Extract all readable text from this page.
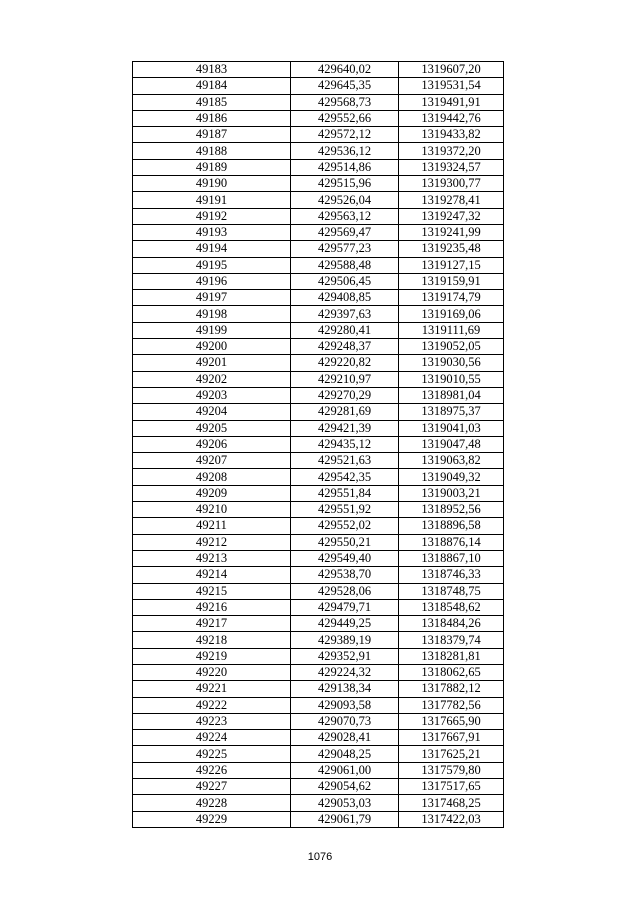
49183	429640,02	1319607,20
49184	429645,35	1319531,54
49185	429568,73	1319491,91
49186	429552,66	1319442,76
49187	429572,12	1319433,82
49188	429536,12	1319372,20
49189	429514,86	1319324,57
49190	429515,96	1319300,77
49191	429526,04	1319278,41
49192	429563,12	1319247,32
49193	429569,47	1319241,99
49194	429577,23	1319235,48
49195	429588,48	1319127,15
49196	429506,45	1319159,91
49197	429408,85	1319174,79
49198	429397,63	1319169,06
49199	429280,41	1319111,69
49200	429248,37	1319052,05
49201	429220,82	1319030,56
49202	429210,97	1319010,55
49203	429270,29	1318981,04
49204	429281,69	1318975,37
49205	429421,39	1319041,03
49206	429435,12	1319047,48
49207	429521,63	1319063,82
49208	429542,35	1319049,32
49209	429551,84	1319003,21
49210	429551,92	1318952,56
49211	429552,02	1318896,58
49212	429550,21	1318876,14
49213	429549,40	1318867,10
49214	429538,70	1318746,33
49215	429528,06	1318748,75
49216	429479,71	1318548,62
49217	429449,25	1318484,26
49218	429389,19	1318379,74
49219	429352,91	1318281,81
49220	429224,32	1318062,65
49221	429138,34	1317882,12
49222	429093,58	1317782,56
49223	429070,73	1317665,90
49224	429028,41	1317667,91
49225	429048,25	1317625,21
49226	429061,00	1317579,80
49227	429054,62	1317517,65
49228	429053,03	1317468,25
49229	429061,79	1317422,03
1076
